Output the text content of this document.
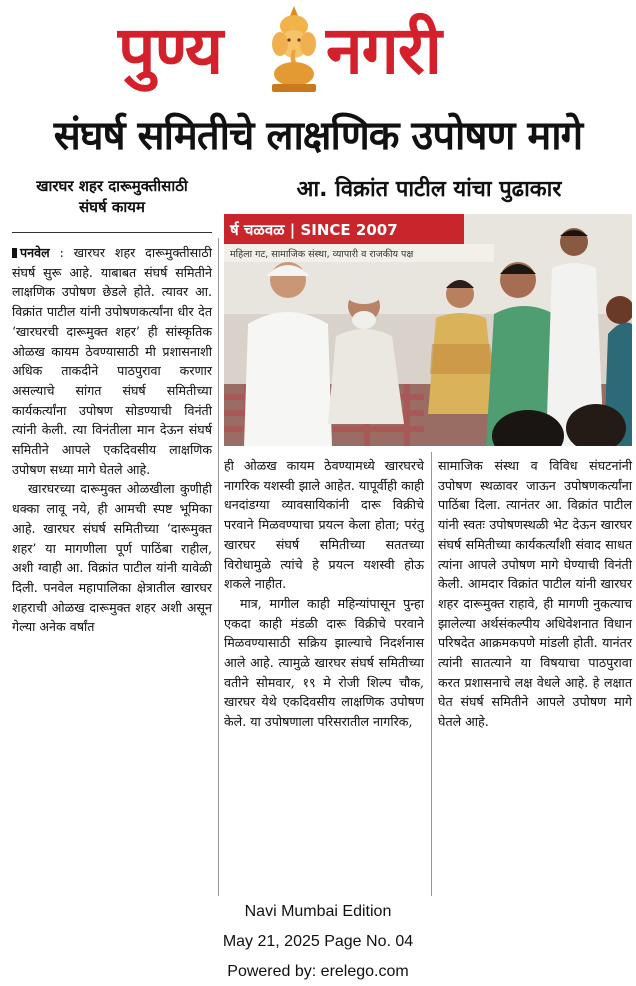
पुण्य नगरी
संघर्ष समितीचे लाक्षणिक उपोषण मागे
खारघर शहर दारूमुक्तीसाठी
संघर्ष कायम
आ. विक्रांत पाटील यांचा पुढाकार
र्ष चळवळ | SINCE 2007
महिला गट, सामाजिक संस्था, व्यापारी व राजकीय पक्ष

पनवेल : खारघर शहर दारूमुक्तीसाठी संघर्ष सुरू आहे. याबाबत संघर्ष समितीने लाक्षणिक उपोषण छेडले होते. त्यावर आ. विक्रांत पाटील यांनी उपोषणकर्त्यांना धीर देत ‘खारघरची दारूमुक्त शहर’ ही सांस्कृतिक ओळख कायम ठेवण्यासाठी मी प्रशासनाशी अधिक ताकदीने पाठपुरावा करणार असल्याचे सांगत संघर्ष समितीच्या कार्यकर्त्यांना उपोषण सोडण्याची विनंती त्यांनी केली. त्या विनंतीला मान देऊन संघर्ष समितीने आपले एकदिवसीय लाक्षणिक उपोषण सध्या मागे घेतले आहे.

खारघरच्या दारूमुक्त ओळखीला कुणीही धक्का लावू नये, ही आमची स्पष्ट भूमिका आहे. खारघर संघर्ष समितीच्या ‘दारूमुक्त शहर’ या मागणीला पूर्ण पाठिंबा राहील, अशी ग्वाही आ. विक्रांत पाटील यांनी यावेळी दिली. पनवेल महापालिका क्षेत्रातील खारघर शहराची ओळख दारूमुक्त शहर अशी असून गेल्या अनेक वर्षांत

ही ओळख कायम ठेवण्यामध्ये खारघरचे नागरिक यशस्वी झाले आहेत. यापूर्वीही काही धनदांडग्या व्यावसायिकांनी दारू विक्रीचे परवाने मिळवण्याचा प्रयत्न केला होता; परंतु खारघर संघर्ष समितीच्या सततच्या विरोधामुळे त्यांचे हे प्रयत्न यशस्वी होऊ शकले नाहीत.

मात्र, मागील काही महिन्यांपासून पुन्हा एकदा काही मंडळी दारू विक्रीचे परवाने मिळवण्यासाठी सक्रिय झाल्याचे निदर्शनास आले आहे. त्यामुळे खारघर संघर्ष समितीच्या वतीने सोमवार, १९ मे रोजी शिल्प चौक, खारघर येथे एकदिवसीय लाक्षणिक उपोषण केले. या उपोषणाला परिसरातील नागरिक,

सामाजिक संस्था व विविध संघटनांनी उपोषण स्थळावर जाऊन उपोषणकर्त्यांना पाठिंबा दिला. त्यानंतर आ. विक्रांत पाटील यांनी स्वतः उपोषणस्थळी भेट देऊन खारघर संघर्ष समितीच्या कार्यकर्त्यांशी संवाद साधत त्यांना आपले उपोषण मागे घेण्याची विनंती केली. आमदार विक्रांत पाटील यांनी खारघर शहर दारूमुक्त राहावे, ही मागणी नुकत्याच झालेल्या अर्थसंकल्पीय अधिवेशनात विधान परिषदेत आक्रमकपणे मांडली होती. यानंतर त्यांनी सातत्याने या विषयाचा पाठपुरावा करत प्रशासनाचे लक्ष वेधले आहे. हे लक्षात घेत संघर्ष समितीने आपले उपोषण मागे घेतले आहे.

Navi Mumbai Edition
May 21, 2025 Page No. 04
Powered by: erelego.com
